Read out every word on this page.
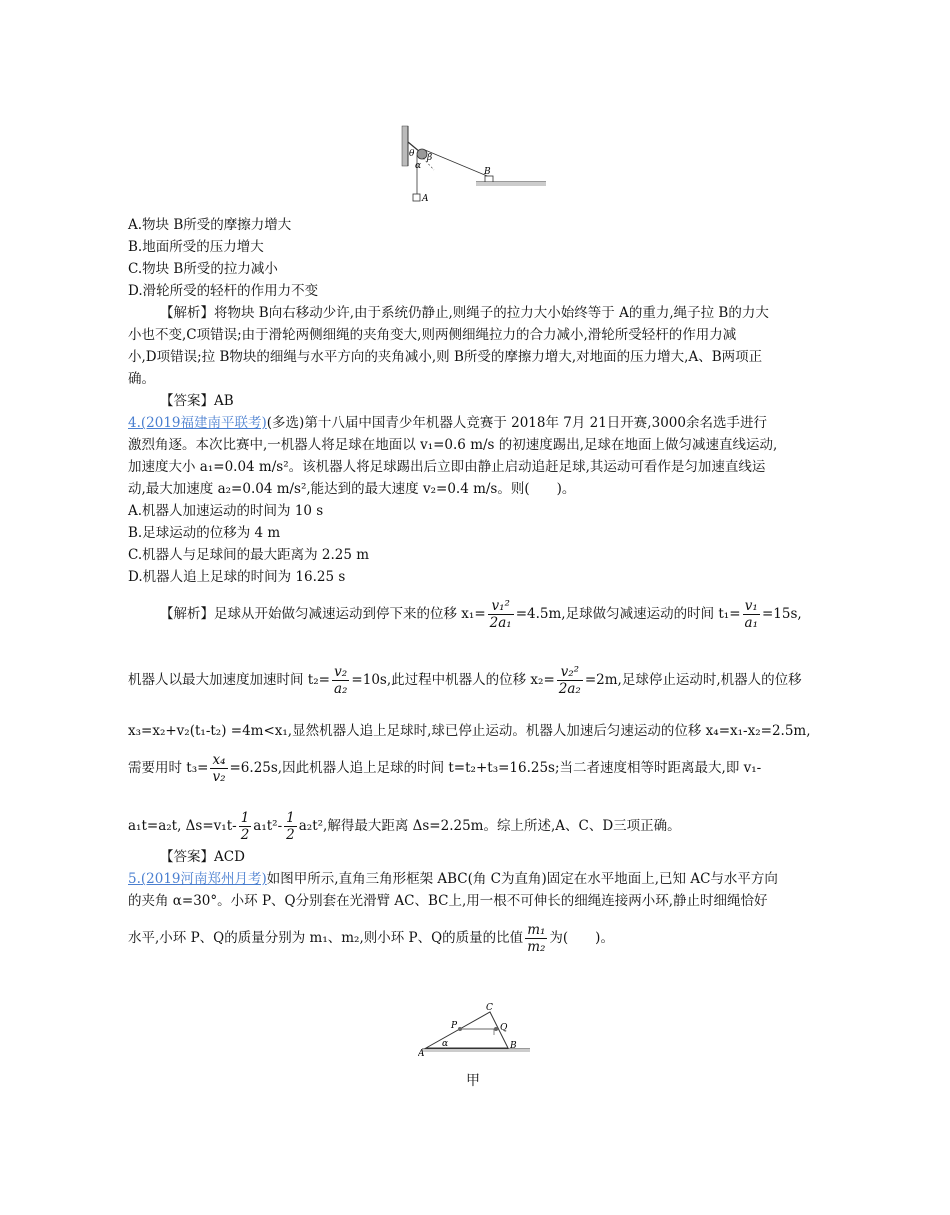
θ β
α
A
B
A.物块 B所受的摩擦力增大
B.地面所受的压力增大
C.物块 B所受的拉力减小
D.滑轮所受的轻杆的作用力不变
【解析】将物块 B向右移动少许,由于系统仍静止,则绳子的拉力大小始终等于 A的重力,绳子拉 B的力大
小也不变,C项错误;由于滑轮两侧细绳的夹角变大,则两侧细绳拉力的合力减小,滑轮所受轻杆的作用力减
小,D项错误;拉 B物块的细绳与水平方向的夹角减小,则 B所受的摩擦力增大,对地面的压力增大,A、B两项正
确。
【答案】AB
4.(2019福建南平联考)(多选)第十八届中国青少年机器人竞赛于 2018年 7月 21日开赛,3000余名选手进行
激烈角逐。本次比赛中,一机器人将足球在地面以 v₁=0.6 m/s 的初速度踢出,足球在地面上做匀减速直线运动,
加速度大小 a₁=0.04 m/s²。该机器人将足球踢出后立即由静止启动追赶足球,其运动可看作是匀加速直线运
动,最大加速度 a₂=0.04 m/s²,能达到的最大速度 v₂=0.4 m/s。则(　　)。
A.机器人加速运动的时间为 10 s
B.足球运动的位移为 4 m
C.机器人与足球间的最大距离为 2.25 m
D.机器人追上足球的时间为 16.25 s
【解析】足球从开始做匀减速运动到停下来的位移 $x_1= \frac{\text{v₁²}}{\text{2a₁}} =4.5m$,足球做匀减速运动的时间 $t_1= \frac{\text{v₁}}{\text{a₁}} =15s$,
机器人以最大加速度加速时间 $t_2= \frac{\text{v₂}}{\text{a₂}} =10s$,此过程中机器人的位移 $x_2= \frac{\text{v₂²}}{\text{2a₂}} =2m$,足球停止运动时,机器人的位移
x₃=x₂+v₂(t₁-t₂) =4m<x₁,显然机器人追上足球时,球已停止运动。机器人加速后匀速运动的位移 x₄=x₁-x₂=2.5m,
需要用时 $t_3= \frac{\text{x₄}}{\text{v₂}} =6.25s$,因此机器人追上足球的时间 t=t₂+t₃=16.25s;当二者速度相等时距离最大,即 v₁-
a₁t=a₂t, $\Delta s=v_1t- \frac{1}{2} a_1t^2- \frac{1}{2} a_2t^2$,解得最大距离 Δs=2.25m。综上所述,A、C、D三项正确。
【答案】ACD
5.(2019河南郑州月考)如图甲所示,直角三角形框架 ABC(角 C为直角)固定在水平地面上,已知 AC与水平方向
的夹角 α=30°。小环 P、Q分别套在光滑臂 AC、BC上,用一根不可伸长的细绳连接两小环,静止时细绳恰好
水平,小环 P、Q的质量分别为 m₁、m₂,则小环 P、Q的质量的比值 $\frac{\text{m₁}}{\text{m₂}}$ 为(　　)。
C
P	Q
α
A
B
甲
